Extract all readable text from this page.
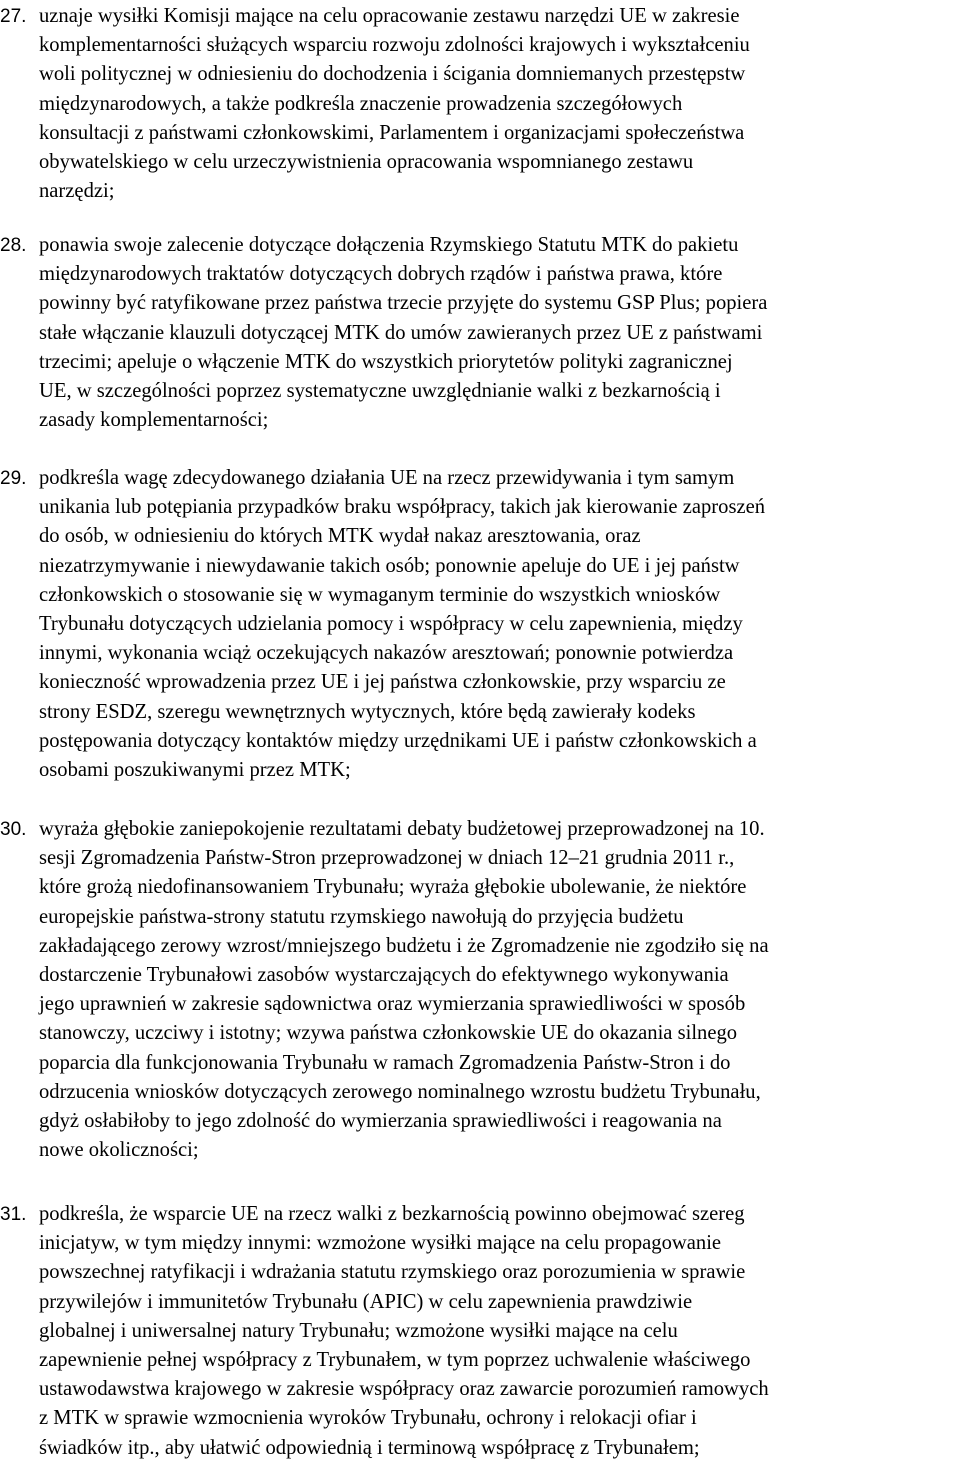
27. uznaje wysiłki Komisji mające na celu opracowanie zestawu narzędzi UE w zakresie
komplementarności służących wsparciu rozwoju zdolności krajowych i wykształceniu
woli politycznej w odniesieniu do dochodzenia i ścigania domniemanych przestępstw
międzynarodowych, a także podkreśla znaczenie prowadzenia szczegółowych
konsultacji z państwami członkowskimi, Parlamentem i organizacjami społeczeństwa
obywatelskiego w celu urzeczywistnienia opracowania wspomnianego zestawu
narzędzi;
28. ponawia swoje zalecenie dotyczące dołączenia Rzymskiego Statutu MTK do pakietu
międzynarodowych traktatów dotyczących dobrych rządów i państwa prawa, które
powinny być ratyfikowane przez państwa trzecie przyjęte do systemu GSP Plus; popiera
stałe włączanie klauzuli dotyczącej MTK do umów zawieranych przez UE z państwami
trzecimi; apeluje o włączenie MTK do wszystkich priorytetów polityki zagranicznej
UE, w szczególności poprzez systematyczne uwzględnianie walki z bezkarnością i
zasady komplementarności;
29. podkreśla wagę zdecydowanego działania UE na rzecz przewidywania i tym samym
unikania lub potępiania przypadków braku współpracy, takich jak kierowanie zaproszeń
do osób, w odniesieniu do których MTK wydał nakaz aresztowania, oraz
niezatrzymywanie i niewydawanie takich osób; ponownie apeluje do UE i jej państw
członkowskich o stosowanie się w wymaganym terminie do wszystkich wniosków
Trybunału dotyczących udzielania pomocy i współpracy w celu zapewnienia, między
innymi, wykonania wciąż oczekujących nakazów aresztowań; ponownie potwierdza
konieczność wprowadzenia przez UE i jej państwa członkowskie, przy wsparciu ze
strony ESDZ, szeregu wewnętrznych wytycznych, które będą zawierały kodeks
postępowania dotyczący kontaktów między urzędnikami UE i państw członkowskich a
osobami poszukiwanymi przez MTK;
30. wyraża głębokie zaniepokojenie rezultatami debaty budżetowej przeprowadzonej na 10.
sesji Zgromadzenia Państw-Stron przeprowadzonej w dniach 12–21 grudnia 2011 r.,
które grożą niedofinansowaniem Trybunału; wyraża głębokie ubolewanie, że niektóre
europejskie państwa-strony statutu rzymskiego nawołują do przyjęcia budżetu
zakładającego zerowy wzrost/mniejszego budżetu i że Zgromadzenie nie zgodziło się na
dostarczenie Trybunałowi zasobów wystarczających do efektywnego wykonywania
jego uprawnień w zakresie sądownictwa oraz wymierzania sprawiedliwości w sposób
stanowczy, uczciwy i istotny; wzywa państwa członkowskie UE do okazania silnego
poparcia dla funkcjonowania Trybunału w ramach Zgromadzenia Państw-Stron i do
odrzucenia wniosków dotyczących zerowego nominalnego wzrostu budżetu Trybunału,
gdyż osłabiłoby to jego zdolność do wymierzania sprawiedliwości i reagowania na
nowe okoliczności;
31. podkreśla, że wsparcie UE na rzecz walki z bezkarnością powinno obejmować szereg
inicjatyw, w tym między innymi: wzmożone wysiłki mające na celu propagowanie
powszechnej ratyfikacji i wdrażania statutu rzymskiego oraz porozumienia w sprawie
przywilejów i immunitetów Trybunału (APIC) w celu zapewnienia prawdziwie
globalnej i uniwersalnej natury Trybunału; wzmożone wysiłki mające na celu
zapewnienie pełnej współpracy z Trybunałem, w tym poprzez uchwalenie właściwego
ustawodawstwa krajowego w zakresie współpracy oraz zawarcie porozumień ramowych
z MTK w sprawie wzmocnienia wyroków Trybunału, ochrony i relokacji ofiar i
świadków itp., aby ułatwić odpowiednią i terminową współpracę z Trybunałem;
